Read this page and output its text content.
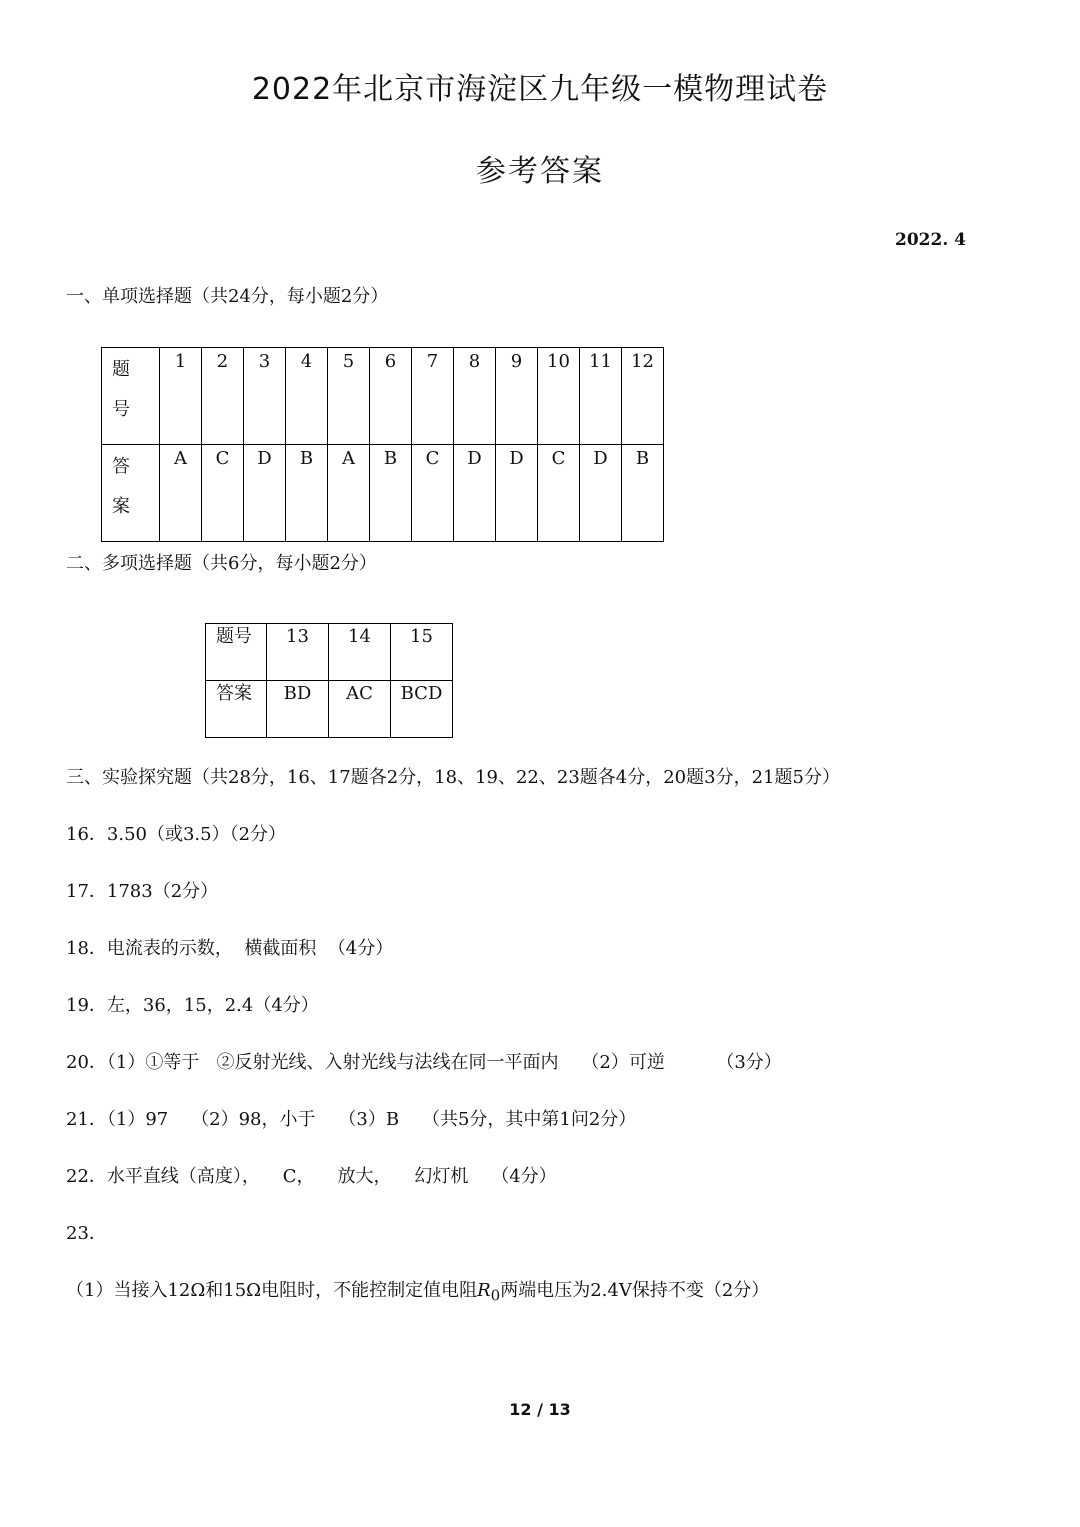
2022年北京市海淀区九年级一模物理试卷
参考答案
2022. 4
一、单项选择题（共24分，每小题2分）
题
号	1	2	3	4	5	6	7	8	9	10	11	12

答
案	A	C	D	B	A	B	C	D	D	C	D	B
二、多项选择题（共6分，每小题2分）
题号	13	14	15
答案	BD	AC	BCD
三、实验探究题（共28分，16、17题各2分，18、19、22、23题各4分，20题3分，21题5分）
16．3.50（或3.5）（2分）
17．1783（2分）
18．电流表的示数，  横截面积  （4分）
19．左，36，15，2.4（4分）
20．（1）①等于   ②反射光线、入射光线与法线在同一平面内    （2）可逆         （3分）
21．（1）97    （2）98，小于    （3）B    （共5分，其中第1问2分）
22．水平直线（高度），    C，    放大，    幻灯机    （4分）
23．
（1）当接入12Ω和15Ω电阻时，不能控制定值电阻$R_0$两端电压为2.4V保持不变（2分）
12 / 13
